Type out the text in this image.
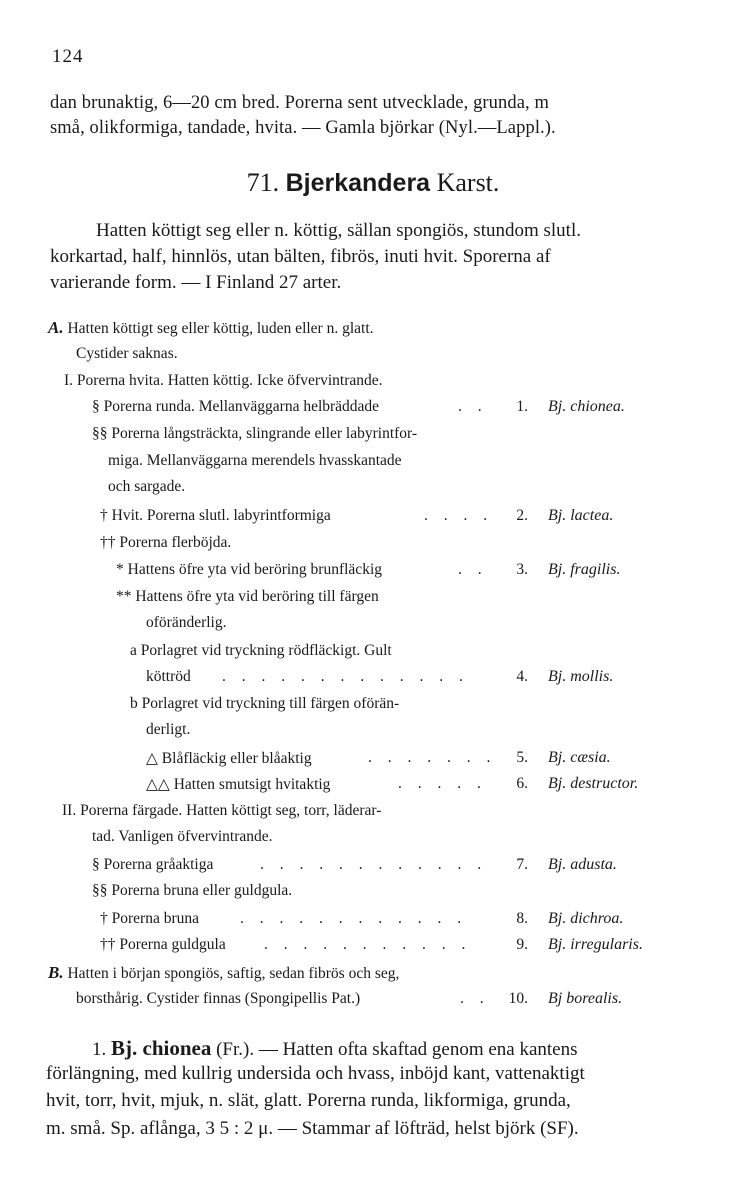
124
dan brunaktig, 6—20 cm bred. Porerna sent utvecklade, grunda, m
små, olikformiga, tandade, hvita. — Gamla björkar (Nyl.—Lappl.).
71. Bjerkandera Karst.
Hatten köttigt seg eller n. köttig, sällan spongiös, stundom slutl.
korkartad, half, hinnlös, utan bälten, fibrös, inuti hvit. Sporerna af
varierande form. — I Finland 27 arter.
A. Hatten köttigt seg eller köttig, luden eller n. glatt.
Cystider saknas.
I. Porerna hvita. Hatten köttig. Icke öfvervintrande.
§ Porerna runda. Mellanväggarna helbräddade	. .	1. Bj. chionea.
§§ Porerna långsträckta, slingrande eller labyrintfor-
miga. Mellanväggarna merendels hvasskantade
och sargade.
† Hvit. Porerna slutl. labyrintformiga	. . . .	2. Bj. lactea.
†† Porerna flerböjda.
* Hattens öfre yta vid beröring brunfläckig	. .	3. Bj. fragilis.
** Hattens öfre yta vid beröring till färgen
oföränderlig.
a Porlagret vid tryckning rödfläckigt. Gult
köttröd . . . . . . . . . . . . .	4. Bj. mollis.
b Porlagret vid tryckning till färgen oförän-
derligt.
△ Blåfläckig eller blåaktig	. . . . . . .	5. Bj. cæsia.
△△ Hatten smutsigt hvitaktig	. . . . .	6. Bj. destructor.
II. Porerna färgade. Hatten köttigt seg, torr, läderar-
tad. Vanligen öfvervintrande.
§ Porerna gråaktiga	. . . . . . . . . . . .	7. Bj. adusta.
§§ Porerna bruna eller guldgula.
† Porerna bruna	. . . . . . . . . . . .	8. Bj. dichroa.
†† Porerna guldgula . . . . . . . . . . .	9. Bj. irregularis.
B. Hatten i början spongiös, saftig, sedan fibrös och seg,
borsthårig. Cystider finnas (Spongipellis Pat.)	. .	10. Bj borealis.
1. Bj. chionea (Fr.). — Hatten ofta skaftad genom ena kantens
förlängning, med kullrig undersida och hvass, inböjd kant, vattenaktigt
hvit, torr, hvit, mjuk, n. slät, glatt. Porerna runda, likformiga, grunda,
m. små. Sp. aflånga, 3 5 : 2 μ. — Stammar af löfträd, helst björk (SF).
